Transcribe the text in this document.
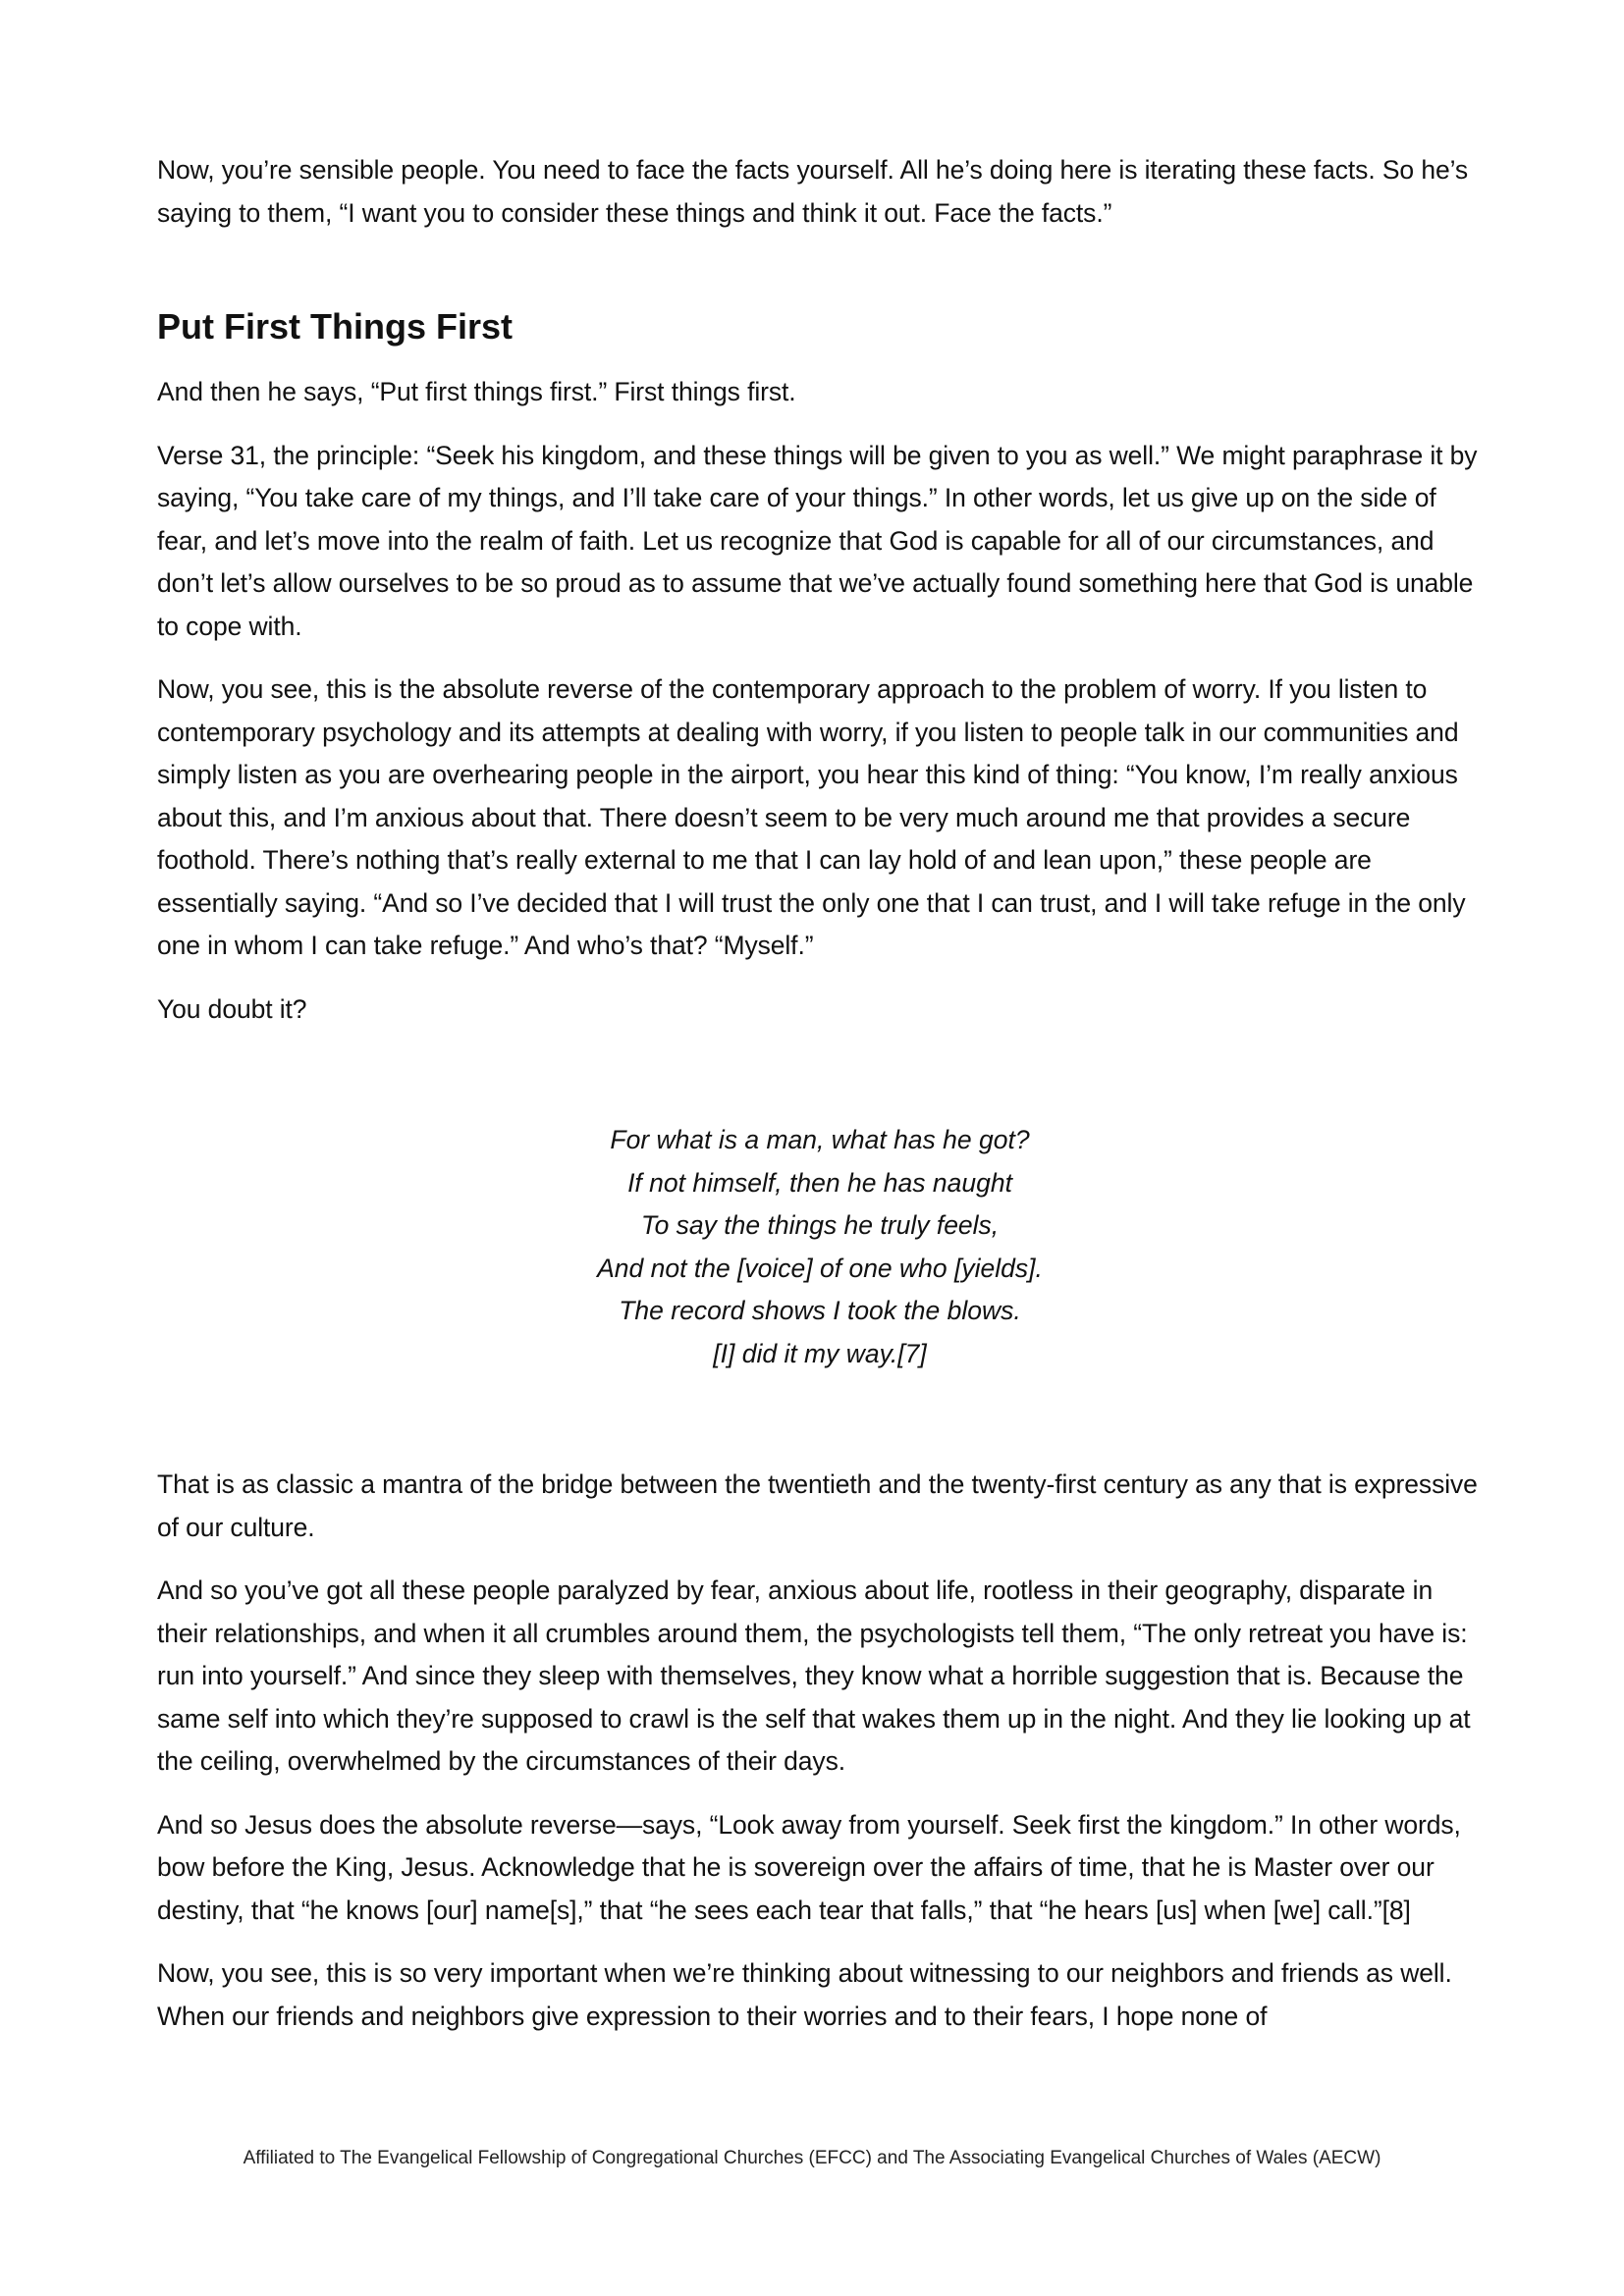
Now, you’re sensible people. You need to face the facts yourself. All he’s doing here is iterating these facts. So he’s saying to them, “I want you to consider these things and think it out. Face the facts.”

Put First Things First

And then he says, “Put first things first.” First things first.

Verse 31, the principle: “Seek his kingdom, and these things will be given to you as well.” We might paraphrase it by saying, “You take care of my things, and I’ll take care of your things.” In other words, let us give up on the side of fear, and let’s move into the realm of faith. Let us recognize that God is capable for all of our circumstances, and don’t let’s allow ourselves to be so proud as to assume that we’ve actually found something here that God is unable to cope with.

Now, you see, this is the absolute reverse of the contemporary approach to the problem of worry. If you listen to contemporary psychology and its attempts at dealing with worry, if you listen to people talk in our communities and simply listen as you are overhearing people in the airport, you hear this kind of thing: “You know, I’m really anxious about this, and I’m anxious about that. There doesn’t seem to be very much around me that provides a secure foothold. There’s nothing that’s really external to me that I can lay hold of and lean upon,” these people are essentially saying. “And so I’ve decided that I will trust the only one that I can trust, and I will take refuge in the only one in whom I can take refuge.” And who’s that? “Myself.”

You doubt it?

For what is a man, what has he got?
If not himself, then he has naught
To say the things he truly feels,
And not the [voice] of one who [yields].
The record shows I took the blows.
[I] did it my way.[7]

That is as classic a mantra of the bridge between the twentieth and the twenty-first century as any that is expressive of our culture.

And so you’ve got all these people paralyzed by fear, anxious about life, rootless in their geography, disparate in their relationships, and when it all crumbles around them, the psychologists tell them, “The only retreat you have is: run into yourself.” And since they sleep with themselves, they know what a horrible suggestion that is. Because the same self into which they’re supposed to crawl is the self that wakes them up in the night. And they lie looking up at the ceiling, overwhelmed by the circumstances of their days.

And so Jesus does the absolute reverse—says, “Look away from yourself. Seek first the kingdom.” In other words, bow before the King, Jesus. Acknowledge that he is sovereign over the affairs of time, that he is Master over our destiny, that “he knows [our] name[s],” that “he sees each tear that falls,” that “he hears [us] when [we] call.”[8]

Now, you see, this is so very important when we’re thinking about witnessing to our neighbors and friends as well. When our friends and neighbors give expression to their worries and to their fears, I hope none of

Affiliated to The Evangelical Fellowship of Congregational Churches (EFCC) and The Associating Evangelical Churches of Wales (AECW)
